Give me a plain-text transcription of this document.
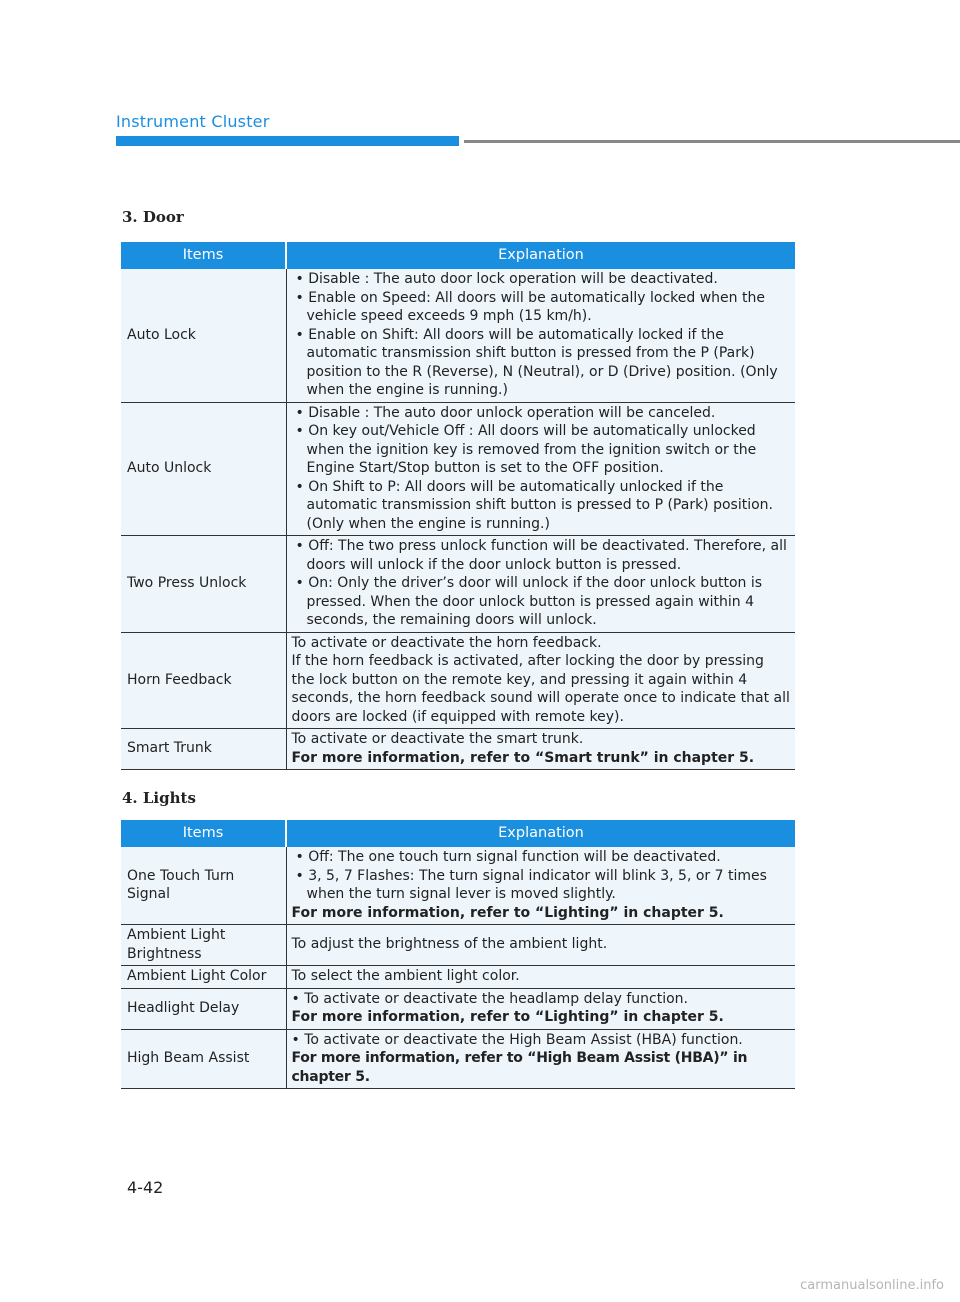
Instrument Cluster
3. Door
Items	Explanation
Auto Lock	• Disable : The auto door lock operation will be deactivated.
• Enable on Speed: All doors will be automatically locked when the vehicle speed exceeds 9 mph (15 km/h).
• Enable on Shift: All doors will be automatically locked if the automatic transmission shift button is pressed from the P (Park) position to the R (Reverse), N (Neutral), or D (Drive) position. (Only when the engine is running.)

Auto Unlock	• Disable : The auto door unlock operation will be canceled.
• On key out/Vehicle Off : All doors will be automatically unlocked when the ignition key is removed from the ignition switch or the Engine Start/Stop button is set to the OFF position.
• On Shift to P: All doors will be automatically unlocked if the automatic transmission shift button is pressed to P (Park) position. (Only when the engine is running.)

Two Press Unlock	• Off: The two press unlock function will be deactivated. Therefore, all doors will unlock if the door unlock button is pressed.
• On: Only the driver’s door will unlock if the door unlock button is pressed. When the door unlock button is pressed again within 4 seconds, the remaining doors will unlock.

Horn Feedback	To activate or deactivate the horn feedback.
If the horn feedback is activated, after locking the door by pressing the lock button on the remote key, and pressing it again within 4 seconds, the horn feedback sound will operate once to indicate that all doors are locked (if equipped with remote key).

Smart Trunk	To activate or deactivate the smart trunk.
For more information, refer to “Smart trunk” in chapter 5.
4. Lights
Items	Explanation
One Touch Turn Signal	• Off: The one touch turn signal function will be deactivated.
• 3, 5, 7 Flashes: The turn signal indicator will blink 3, 5, or 7 times when the turn signal lever is moved slightly.
For more information, refer to “Lighting” in chapter 5.

Ambient Light Brightness	To adjust the brightness of the ambient light.

Ambient Light Color	To select the ambient light color.

Headlight Delay	• To activate or deactivate the headlamp delay function.
For more information, refer to “Lighting” in chapter 5.

High Beam Assist	• To activate or deactivate the High Beam Assist (HBA) function.
For more information, refer to “High Beam Assist (HBA)” in chapter 5.
4-42
carmanualsonline.info
